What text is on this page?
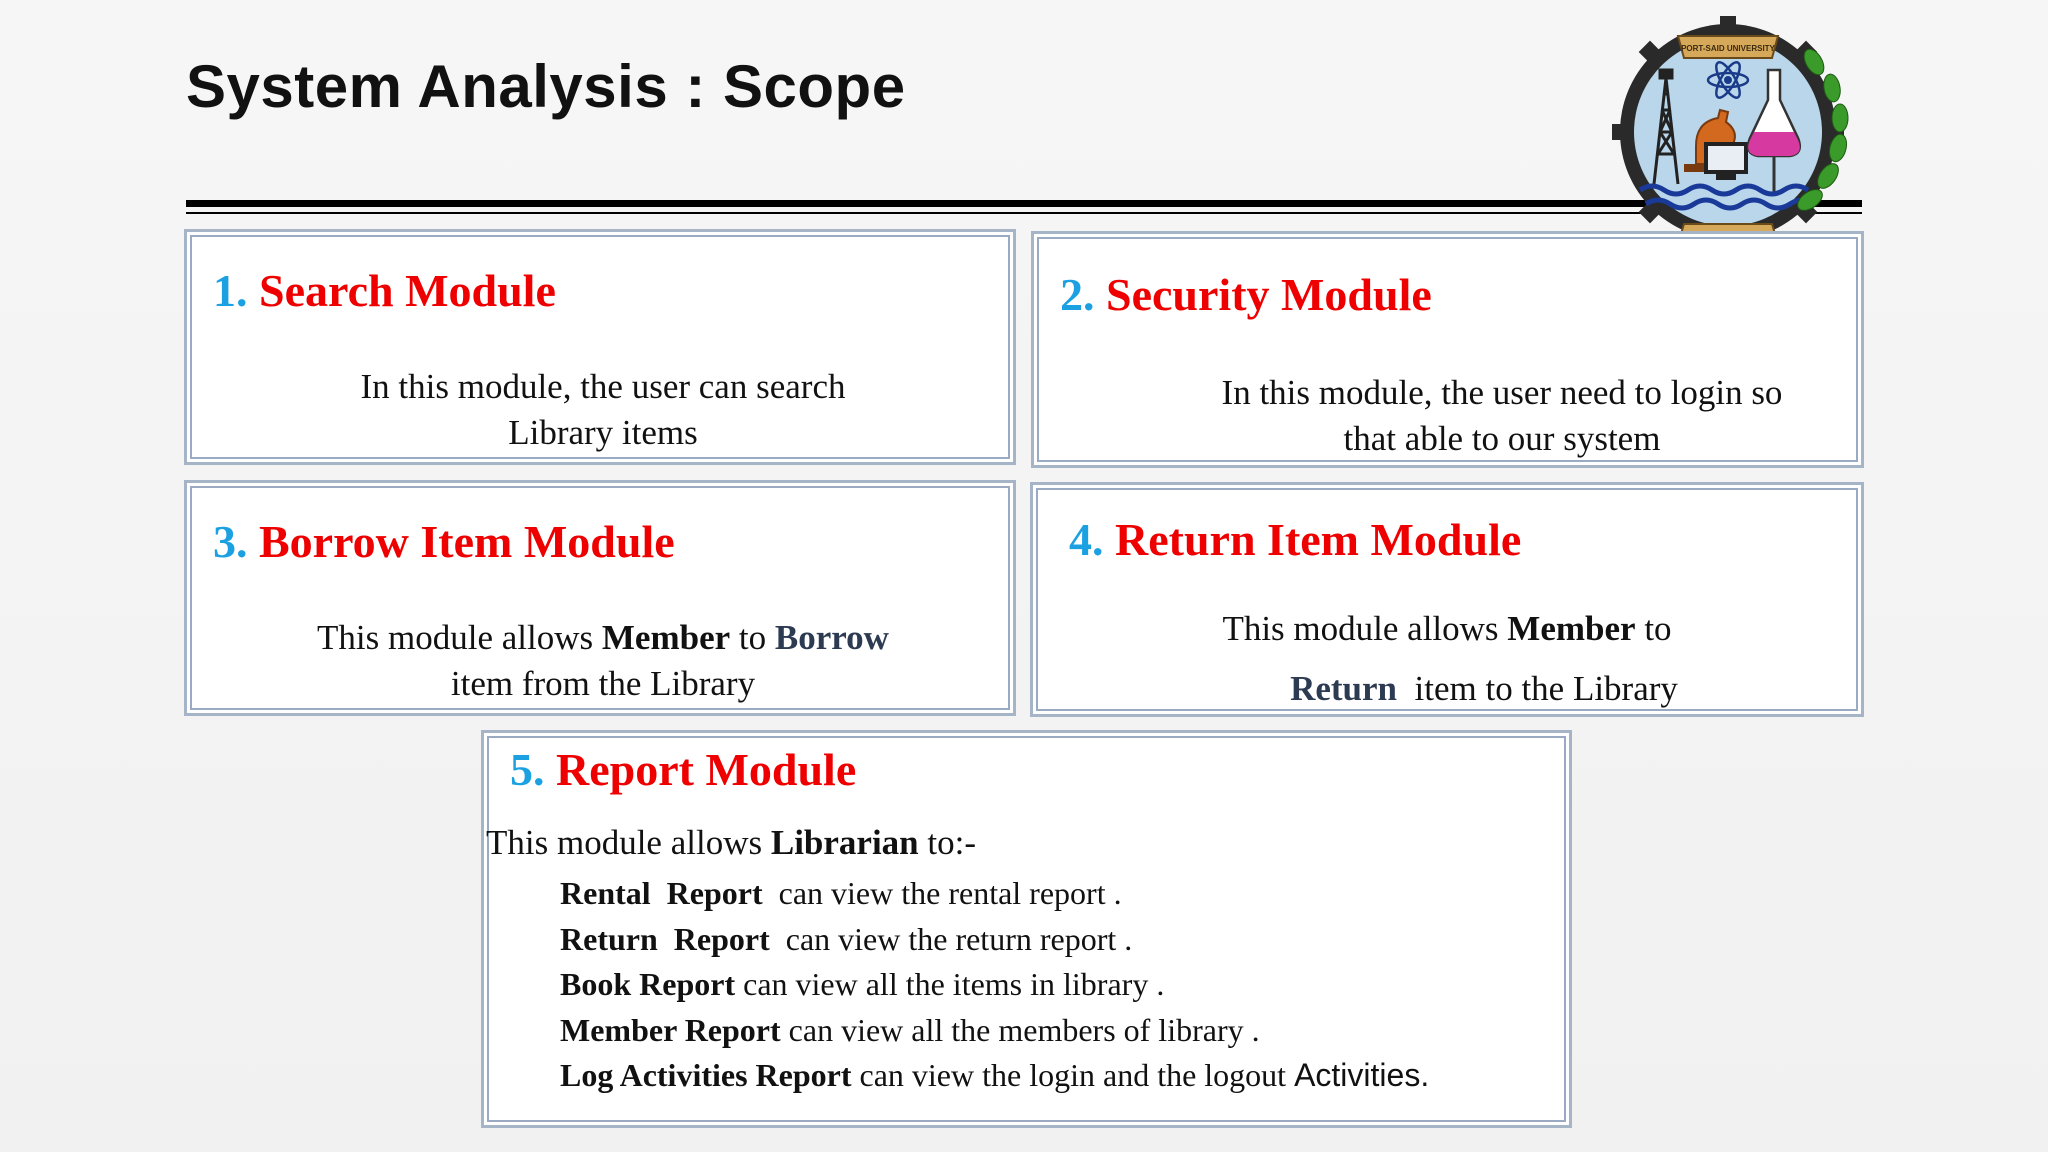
System Analysis : Scope
PORT-SAID UNIVERSITY
1. Search Module
In this module, the user can search
Library items
2. Security Module
In this module, the user need to login so
that able to our system
3. Borrow Item Module
This module allows Member to Borrow
item from the Library
4. Return Item Module
This module allows Member to
Return  item to the Library
5. Report Module
This module allows Librarian to:-
Rental  Report  can view the rental report .
Return  Report  can view the return report .
Book Report can view all the items in library .
Member Report can view all the members of library .
Log Activities Report can view the login and the logout Activities.
